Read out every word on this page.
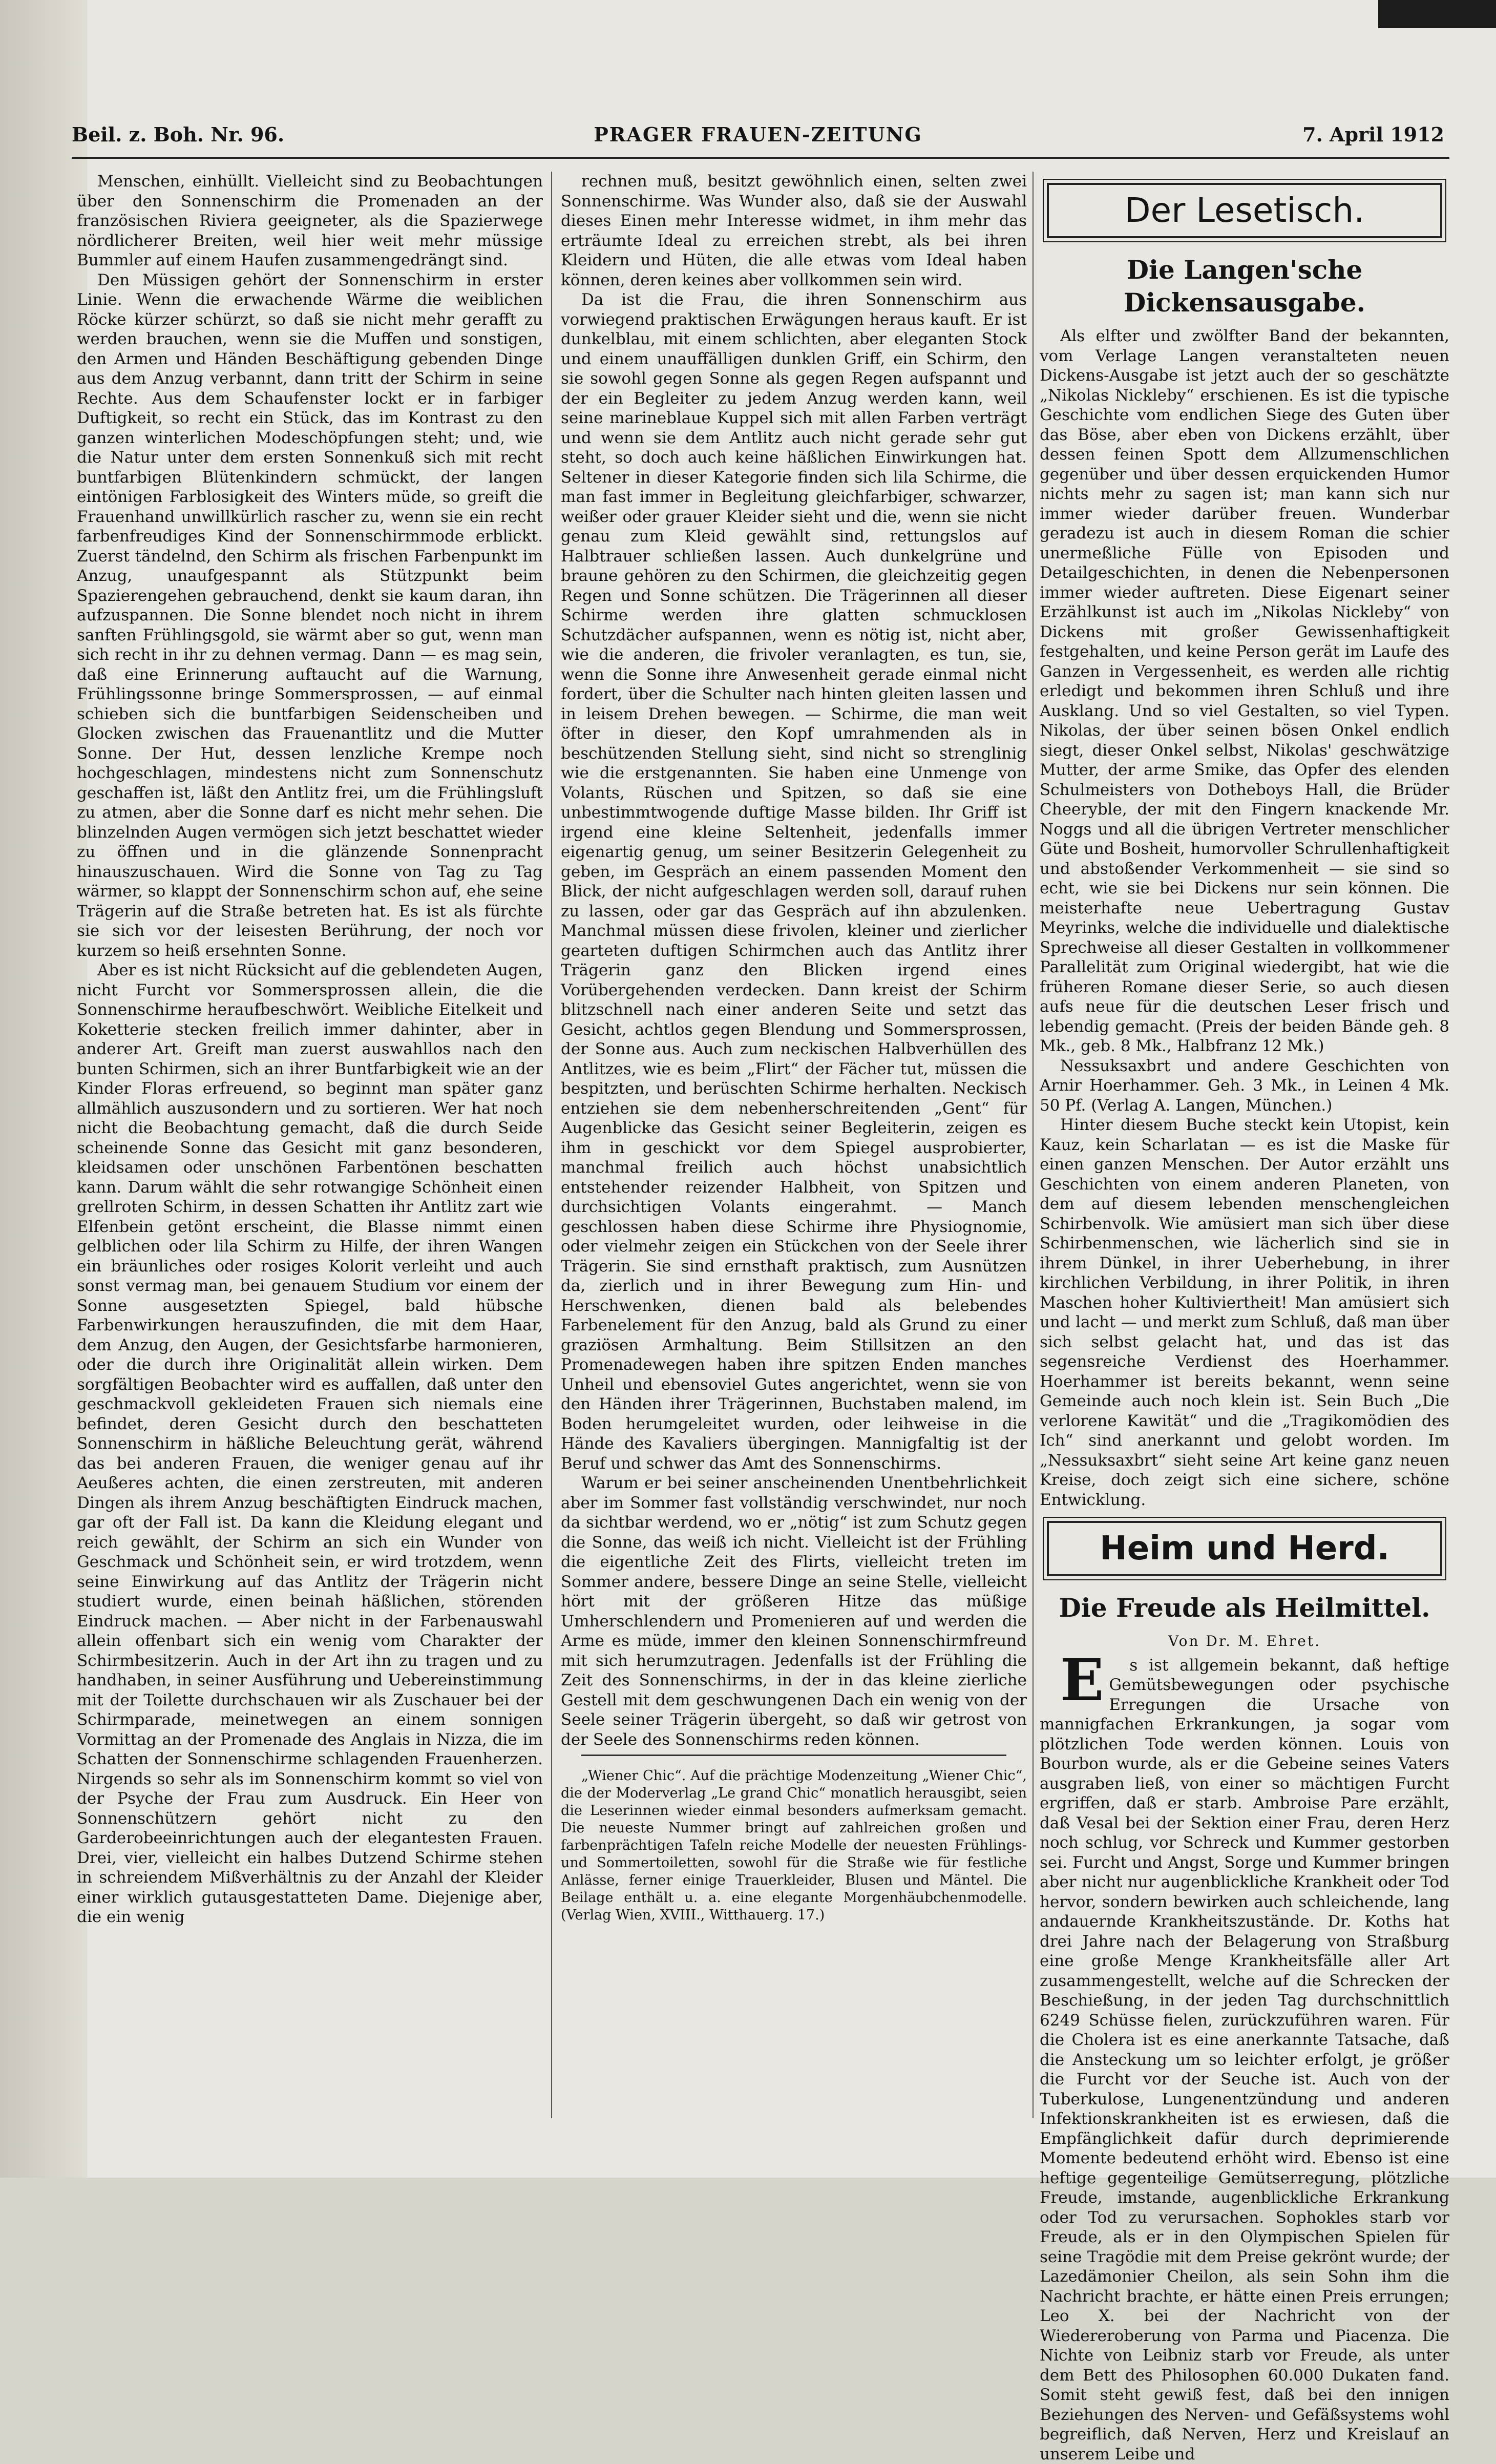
Beil. z. Boh. Nr. 96.	PRAGER FRAUEN-ZEITUNG	7. April 1912

Menschen, einhüllt. Vielleicht sind zu Beobachtungen über den Sonnenschirm die Promenaden an der französischen Riviera geeigneter, als die Spazierwege nördlicherer Breiten, weil hier weit mehr müssige Bummler auf einem Haufen zusammengedrängt sind.

Den Müssigen gehört der Sonnenschirm in erster Linie. Wenn die erwachende Wärme die weiblichen Röcke kürzer schürzt, so daß sie nicht mehr gerafft zu werden brauchen, wenn sie die Muffen und sonstigen, den Armen und Händen Beschäftigung gebenden Dinge aus dem Anzug verbannt, dann tritt der Schirm in seine Rechte. Aus dem Schaufenster lockt er in farbiger Duftigkeit, so recht ein Stück, das im Kontrast zu den ganzen winterlichen Modeschöpfungen steht; und, wie die Natur unter dem ersten Sonnenkuß sich mit recht buntfarbigen Blütenkindern schmückt, der langen eintönigen Farblosigkeit des Winters müde, so greift die Frauenhand unwillkürlich rascher zu, wenn sie ein recht farbenfreudiges Kind der Sonnenschirmmode erblickt. Zuerst tändelnd, den Schirm als frischen Farbenpunkt im Anzug, unaufgespannt als Stützpunkt beim Spazierengehen gebrauchend, denkt sie kaum daran, ihn aufzuspannen. Die Sonne blendet noch nicht in ihrem sanften Frühlingsgold, sie wärmt aber so gut, wenn man sich recht in ihr zu dehnen vermag. Dann — es mag sein, daß eine Erinnerung auftaucht auf die Warnung, Frühlingssonne bringe Sommersprossen, — auf einmal schieben sich die buntfarbigen Seidenscheiben und Glocken zwischen das Frauenantlitz und die Mutter Sonne. Der Hut, dessen lenzliche Krempe noch hochgeschlagen, mindestens nicht zum Sonnenschutz geschaffen ist, läßt den Antlitz frei, um die Frühlingsluft zu atmen, aber die Sonne darf es nicht mehr sehen. Die blinzelnden Augen vermögen sich jetzt beschattet wieder zu öffnen und in die glänzende Sonnenpracht hinauszuschauen. Wird die Sonne von Tag zu Tag wärmer, so klappt der Sonnenschirm schon auf, ehe seine Trägerin auf die Straße betreten hat. Es ist als fürchte sie sich vor der leisesten Berührung, der noch vor kurzem so heiß ersehnten Sonne.

Aber es ist nicht Rücksicht auf die geblendeten Augen, nicht Furcht vor Sommersprossen allein, die die Sonnenschirme heraufbeschwört. Weibliche Eitelkeit und Koketterie stecken freilich immer dahinter, aber in anderer Art. Greift man zuerst auswahllos nach den bunten Schirmen, sich an ihrer Buntfarbigkeit wie an der Kinder Floras erfreuend, so beginnt man später ganz allmählich auszusondern und zu sortieren. Wer hat noch nicht die Beobachtung gemacht, daß die durch Seide scheinende Sonne das Gesicht mit ganz besonderen, kleidsamen oder unschönen Farbentönen beschatten kann. Darum wählt die sehr rotwangige Schönheit einen grellroten Schirm, in dessen Schatten ihr Antlitz zart wie Elfenbein getönt erscheint, die Blasse nimmt einen gelblichen oder lila Schirm zu Hilfe, der ihren Wangen ein bräunliches oder rosiges Kolorit verleiht und auch sonst vermag man, bei genauem Studium vor einem der Sonne ausgesetzten Spiegel, bald hübsche Farbenwirkungen herauszufinden, die mit dem Haar, dem Anzug, den Augen, der Gesichtsfarbe harmonieren, oder die durch ihre Originalität allein wirken. Dem sorgfältigen Beobachter wird es auffallen, daß unter den geschmackvoll gekleideten Frauen sich niemals eine befindet, deren Gesicht durch den beschatteten Sonnenschirm in häßliche Beleuchtung gerät, während das bei anderen Frauen, die weniger genau auf ihr Aeußeres achten, die einen zerstreuten, mit anderen Dingen als ihrem Anzug beschäftigten Eindruck machen, gar oft der Fall ist. Da kann die Kleidung elegant und reich gewählt, der Schirm an sich ein Wunder von Geschmack und Schönheit sein, er wird trotzdem, wenn seine Einwirkung auf das Antlitz der Trägerin nicht studiert wurde, einen beinah häßlichen, störenden Eindruck machen. — Aber nicht in der Farbenauswahl allein offenbart sich ein wenig vom Charakter der Schirmbesitzerin. Auch in der Art ihn zu tragen und zu handhaben, in seiner Ausführung und Uebereinstimmung mit der Toilette durchschauen wir als Zuschauer bei der Schirmparade, meinetwegen an einem sonnigen Vormittag an der Promenade des Anglais in Nizza, die im Schatten der Sonnenschirme schlagenden Frauenherzen. Nirgends so sehr als im Sonnenschirm kommt so viel von der Psyche der Frau zum Ausdruck. Ein Heer von Sonnenschützern gehört nicht zu den Garderobeeinrichtungen auch der elegantesten Frauen. Drei, vier, vielleicht ein halbes Dutzend Schirme stehen in schreiendem Mißverhältnis zu der Anzahl der Kleider einer wirklich gutausgestatteten Dame. Diejenige aber, die ein wenig

rechnen muß, besitzt gewöhnlich einen, selten zwei Sonnenschirme. Was Wunder also, daß sie der Auswahl dieses Einen mehr Interesse widmet, in ihm mehr das erträumte Ideal zu erreichen strebt, als bei ihren Kleidern und Hüten, die alle etwas vom Ideal haben können, deren keines aber vollkommen sein wird.

Da ist die Frau, die ihren Sonnenschirm aus vorwiegend praktischen Erwägungen heraus kauft. Er ist dunkelblau, mit einem schlichten, aber eleganten Stock und einem unauffälligen dunklen Griff, ein Schirm, den sie sowohl gegen Sonne als gegen Regen aufspannt und der ein Begleiter zu jedem Anzug werden kann, weil seine marineblaue Kuppel sich mit allen Farben verträgt und wenn sie dem Antlitz auch nicht gerade sehr gut steht, so doch auch keine häßlichen Einwirkungen hat. Seltener in dieser Kategorie finden sich lila Schirme, die man fast immer in Begleitung gleichfarbiger, schwarzer, weißer oder grauer Kleider sieht und die, wenn sie nicht genau zum Kleid gewählt sind, rettungslos auf Halbtrauer schließen lassen. Auch dunkelgrüne und braune gehören zu den Schirmen, die gleichzeitig gegen Regen und Sonne schützen. Die Trägerinnen all dieser Schirme werden ihre glatten schmucklosen Schutzdächer aufspannen, wenn es nötig ist, nicht aber, wie die anderen, die frivoler veranlagten, es tun, sie, wenn die Sonne ihre Anwesenheit gerade einmal nicht fordert, über die Schulter nach hinten gleiten lassen und in leisem Drehen bewegen. — Schirme, die man weit öfter in dieser, den Kopf umrahmenden als in beschützenden Stellung sieht, sind nicht so strenglinig wie die erstgenannten. Sie haben eine Unmenge von Volants, Rüschen und Spitzen, so daß sie eine unbestimmtwogende duftige Masse bilden. Ihr Griff ist irgend eine kleine Seltenheit, jedenfalls immer eigenartig genug, um seiner Besitzerin Gelegenheit zu geben, im Gespräch an einem passenden Moment den Blick, der nicht aufgeschlagen werden soll, darauf ruhen zu lassen, oder gar das Gespräch auf ihn abzulenken. Manchmal müssen diese frivolen, kleiner und zierlicher gearteten duftigen Schirmchen auch das Antlitz ihrer Trägerin ganz den Blicken irgend eines Vorübergehenden verdecken. Dann kreist der Schirm blitzschnell nach einer anderen Seite und setzt das Gesicht, achtlos gegen Blendung und Sommersprossen, der Sonne aus. Auch zum neckischen Halbverhüllen des Antlitzes, wie es beim „Flirt“ der Fächer tut, müssen die bespitzten, und berüschten Schirme herhalten. Neckisch entziehen sie dem nebenherschreitenden „Gent“ für Augenblicke das Gesicht seiner Begleiterin, zeigen es ihm in geschickt vor dem Spiegel ausprobierter, manchmal freilich auch höchst unabsichtlich entstehender reizender Halbheit, von Spitzen und durchsichtigen Volants eingerahmt. — Manch geschlossen haben diese Schirme ihre Physiognomie, oder vielmehr zeigen ein Stückchen von der Seele ihrer Trägerin. Sie sind ernsthaft praktisch, zum Ausnützen da, zierlich und in ihrer Bewegung zum Hin- und Herschwenken, dienen bald als belebendes Farbenelement für den Anzug, bald als Grund zu einer graziösen Armhaltung. Beim Stillsitzen an den Promenadewegen haben ihre spitzen Enden manches Unheil und ebensoviel Gutes angerichtet, wenn sie von den Händen ihrer Trägerinnen, Buchstaben malend, im Boden herumgeleitet wurden, oder leihweise in die Hände des Kavaliers übergingen. Mannigfaltig ist der Beruf und schwer das Amt des Sonnenschirms.

Warum er bei seiner anscheinenden Unentbehrlichkeit aber im Sommer fast vollständig verschwindet, nur noch da sichtbar werdend, wo er „nötig“ ist zum Schutz gegen die Sonne, das weiß ich nicht. Vielleicht ist der Frühling die eigentliche Zeit des Flirts, vielleicht treten im Sommer andere, bessere Dinge an seine Stelle, vielleicht hört mit der größeren Hitze das müßige Umherschlendern und Promenieren auf und werden die Arme es müde, immer den kleinen Sonnenschirmfreund mit sich herumzutragen. Jedenfalls ist der Frühling die Zeit des Sonnenschirms, in der in das kleine zierliche Gestell mit dem geschwungenen Dach ein wenig von der Seele seiner Trägerin übergeht, so daß wir getrost von der Seele des Sonnenschirms reden können.

„Wiener Chic“. Auf die prächtige Modenzeitung „Wiener Chic“, die der Moderverlag „Le grand Chic“ monatlich herausgibt, seien die Leserinnen wieder einmal besonders aufmerksam gemacht. Die neueste Nummer bringt auf zahlreichen großen und farbenprächtigen Tafeln reiche Modelle der neuesten Frühlings- und Sommertoiletten, sowohl für die Straße wie für festliche Anlässe, ferner einige Trauerkleider, Blusen und Mäntel. Die Beilage enthält u. a. eine elegante Morgenhäubchenmodelle. (Verlag Wien, XVIII., Witthauerg. 17.)

Der Lesetisch.
Die Langen'sche Dickensausgabe.

Als elfter und zwölfter Band der bekannten, vom Verlage Langen veranstalteten neuen Dickens-Ausgabe ist jetzt auch der so geschätzte „Nikolas Nickleby“ erschienen. Es ist die typische Geschichte vom endlichen Siege des Guten über das Böse, aber eben von Dickens erzählt, über dessen feinen Spott dem Allzumenschlichen gegenüber und über dessen erquickenden Humor nichts mehr zu sagen ist; man kann sich nur immer wieder darüber freuen. Wunderbar geradezu ist auch in diesem Roman die schier unermeßliche Fülle von Episoden und Detailgeschichten, in denen die Nebenpersonen immer wieder auftreten. Diese Eigenart seiner Erzählkunst ist auch im „Nikolas Nickleby“ von Dickens mit großer Gewissenhaftigkeit festgehalten, und keine Person gerät im Laufe des Ganzen in Vergessenheit, es werden alle richtig erledigt und bekommen ihren Schluß und ihre Ausklang. Und so viel Gestalten, so viel Typen. Nikolas, der über seinen bösen Onkel endlich siegt, dieser Onkel selbst, Nikolas' geschwätzige Mutter, der arme Smike, das Opfer des elenden Schulmeisters von Dotheboys Hall, die Brüder Cheeryble, der mit den Fingern knackende Mr. Noggs und all die übrigen Vertreter menschlicher Güte und Bosheit, humorvoller Schrullenhaftigkeit und abstoßender Verkommenheit — sie sind so echt, wie sie bei Dickens nur sein können. Die meisterhafte neue Uebertragung Gustav Meyrinks, welche die individuelle und dialektische Sprechweise all dieser Gestalten in vollkommener Parallelität zum Original wiedergibt, hat wie die früheren Romane dieser Serie, so auch diesen aufs neue für die deutschen Leser frisch und lebendig gemacht. (Preis der beiden Bände geh. 8 Mk., geb. 8 Mk., Halbfranz 12 Mk.)

Nessuksaxbrt und andere Geschichten von Arnir Hoerhammer. Geh. 3 Mk., in Leinen 4 Mk. 50 Pf. (Verlag A. Langen, München.)

Hinter diesem Buche steckt kein Utopist, kein Kauz, kein Scharlatan — es ist die Maske für einen ganzen Menschen. Der Autor erzählt uns Geschichten von einem anderen Planeten, von dem auf diesem lebenden menschengleichen Schirbenvolk. Wie amüsiert man sich über diese Schirbenmenschen, wie lächerlich sind sie in ihrem Dünkel, in ihrer Ueberhebung, in ihrer kirchlichen Verbildung, in ihrer Politik, in ihren Maschen hoher Kultiviertheit! Man amüsiert sich und lacht — und merkt zum Schluß, daß man über sich selbst gelacht hat, und das ist das segensreiche Verdienst des Hoerhammer. Hoerhammer ist bereits bekannt, wenn seine Gemeinde auch noch klein ist. Sein Buch „Die verlorene Kawität“ und die „Tragikomödien des Ich“ sind anerkannt und gelobt worden. Im „Nessuksaxbrt“ sieht seine Art keine ganz neuen Kreise, doch zeigt sich eine sichere, schöne Entwicklung.

Heim und Herd.
Die Freude als Heilmittel.
Von Dr. M. Ehret.

Es ist allgemein bekannt, daß heftige Gemütsbewegungen oder psychische Erregungen die Ursache von mannigfachen Erkrankungen, ja sogar vom plötzlichen Tode werden können. Louis von Bourbon wurde, als er die Gebeine seines Vaters ausgraben ließ, von einer so mächtigen Furcht ergriffen, daß er starb. Ambroise Pare erzählt, daß Vesal bei der Sektion einer Frau, deren Herz noch schlug, vor Schreck und Kummer gestorben sei. Furcht und Angst, Sorge und Kummer bringen aber nicht nur augenblickliche Krankheit oder Tod hervor, sondern bewirken auch schleichende, lang andauernde Krankheitszustände. Dr. Koths hat drei Jahre nach der Belagerung von Straßburg eine große Menge Krankheitsfälle aller Art zusammengestellt, welche auf die Schrecken der Beschießung, in der jeden Tag durchschnittlich 6249 Schüsse fielen, zurückzuführen waren. Für die Cholera ist es eine anerkannte Tatsache, daß die Ansteckung um so leichter erfolgt, je größer die Furcht vor der Seuche ist. Auch von der Tuberkulose, Lungenentzündung und anderen Infektionskrankheiten ist es erwiesen, daß die Empfänglichkeit dafür durch deprimierende Momente bedeutend erhöht wird. Ebenso ist eine heftige gegenteilige Gemütserregung, plötzliche Freude, imstande, augenblickliche Erkrankung oder Tod zu verursachen. Sophokles starb vor Freude, als er in den Olympischen Spielen für seine Tragödie mit dem Preise gekrönt wurde; der Lazedämonier Cheilon, als sein Sohn ihm die Nachricht brachte, er hätte einen Preis errungen; Leo X. bei der Nachricht von der Wiedereroberung von Parma und Piacenza. Die Nichte von Leibniz starb vor Freude, als unter dem Bett des Philosophen 60.000 Dukaten fand. Somit steht gewiß fest, daß bei den innigen Beziehungen des Nerven- und Gefäßsystems wohl begreiflich, daß Nerven, Herz und Kreislauf an unserem Leibe und
